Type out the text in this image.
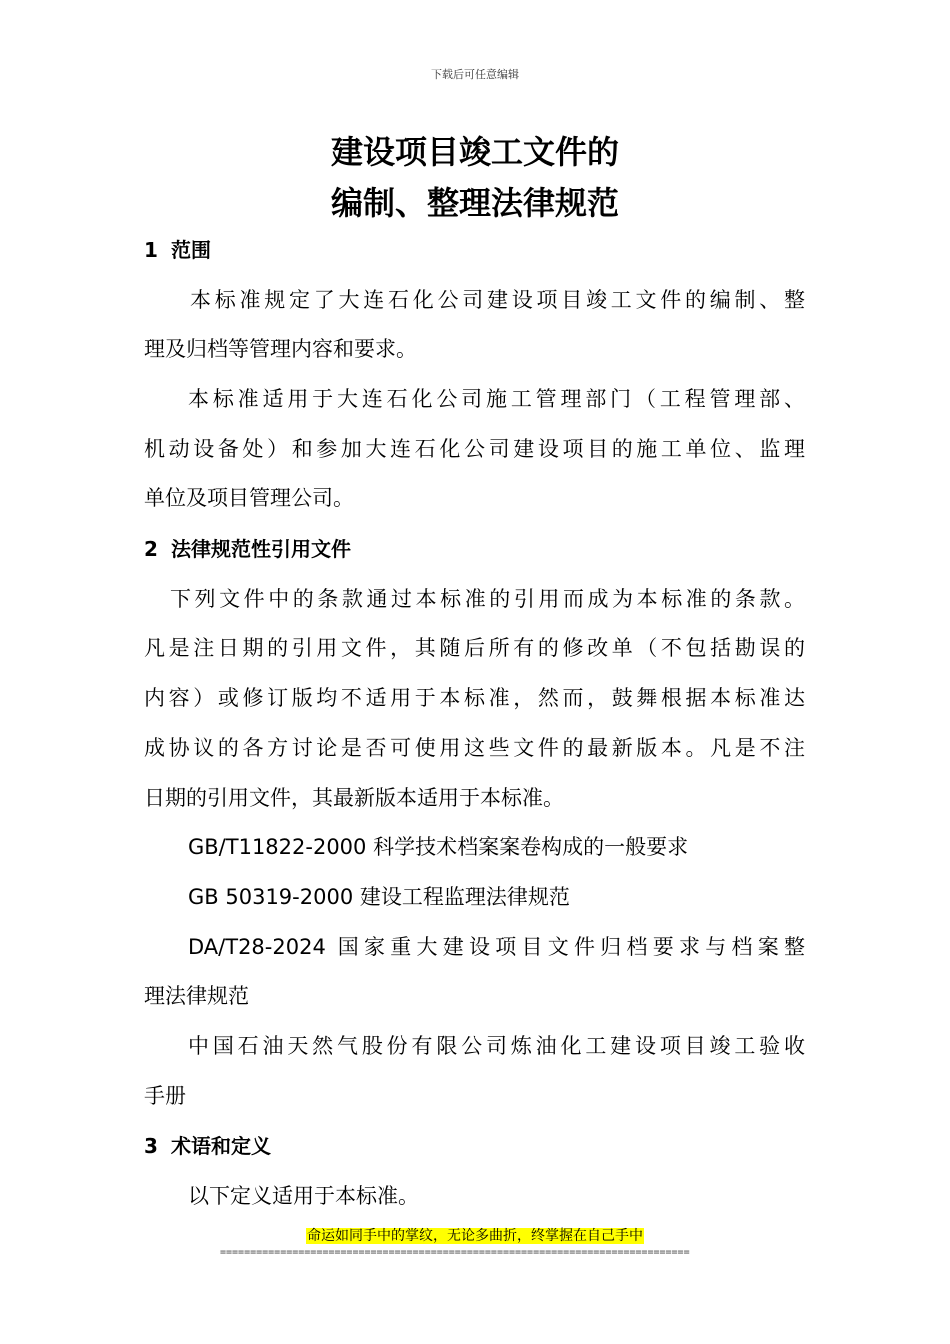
下载后可任意编辑
建设项目竣工文件的
编制、整理法律规范
1 范围
本标准规定了大连石化公司建设项目竣工文件的编制、整
理及归档等管理内容和要求。
本标准适用于大连石化公司施工管理部门（工程管理部、
机动设备处）和参加大连石化公司建设项目的施工单位、监理
单位及项目管理公司。
2 法律规范性引用文件
下列文件中的条款通过本标准的引用而成为本标准的条款。
凡是注日期的引用文件，其随后所有的修改单（不包括勘误的
内容）或修订版均不适用于本标准，然而，鼓舞根据本标准达
成协议的各方讨论是否可使用这些文件的最新版本。凡是不注
日期的引用文件，其最新版本适用于本标准。
GB/T11822-2000 科学技术档案案卷构成的一般要求
GB 50319-2000 建设工程监理法律规范
DA/T28-2024 国家重大建设项目文件归档要求与档案整
理法律规范
中国石油天然气股份有限公司炼油化工建设项目竣工验收
手册
3 术语和定义
以下定义适用于本标准。
命运如同手中的掌纹，无论多曲折，终掌握在自己手中
==============================================================================
